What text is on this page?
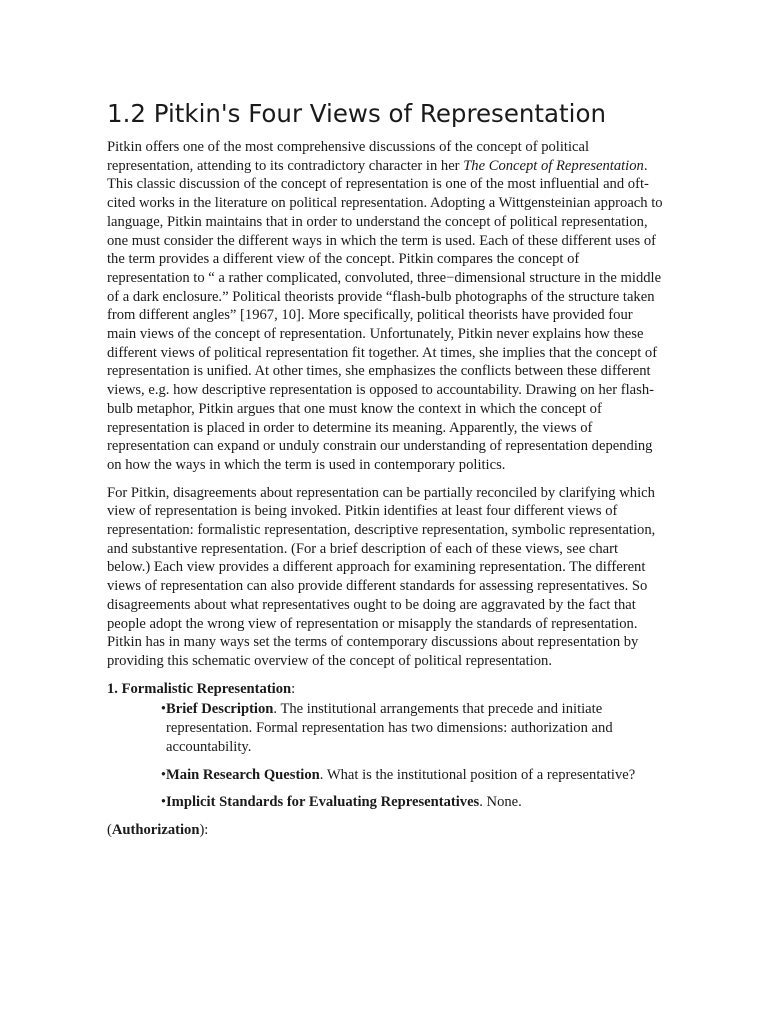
1.2 Pitkin's Four Views of Representation

Pitkin offers one of the most comprehensive discussions of the concept of political representation, attending to its contradictory character in her The Concept of Representation. This classic discussion of the concept of representation is one of the most influential and oft-cited works in the literature on political representation. Adopting a Wittgensteinian approach to language, Pitkin maintains that in order to understand the concept of political representation, one must consider the different ways in which the term is used. Each of these different uses of the term provides a different view of the concept. Pitkin compares the concept of representation to “ a rather complicated, convoluted, three−dimensional structure in the middle of a dark enclosure.” Political theorists provide “flash-bulb photographs of the structure taken from different angles” [1967, 10]. More specifically, political theorists have provided four main views of the concept of representation. Unfortunately, Pitkin never explains how these different views of political representation fit together. At times, she implies that the concept of representation is unified. At other times, she emphasizes the conflicts between these different views, e.g. how descriptive representation is opposed to accountability. Drawing on her flash-bulb metaphor, Pitkin argues that one must know the context in which the concept of representation is placed in order to determine its meaning. Apparently, the views of representation can expand or unduly constrain our understanding of representation depending on how the ways in which the term is used in contemporary politics.

For Pitkin, disagreements about representation can be partially reconciled by clarifying which view of representation is being invoked. Pitkin identifies at least four different views of representation: formalistic representation, descriptive representation, symbolic representation, and substantive representation. (For a brief description of each of these views, see chart below.) Each view provides a different approach for examining representation. The different views of representation can also provide different standards for assessing representatives. So disagreements about what representatives ought to be doing are aggravated by the fact that people adopt the wrong view of representation or misapply the standards of representation. Pitkin has in many ways set the terms of contemporary discussions about representation by providing this schematic overview of the concept of political representation.

1. Formalistic Representation:
• Brief Description. The institutional arrangements that precede and initiate representation. Formal representation has two dimensions: authorization and accountability.
• Main Research Question. What is the institutional position of a representative?
• Implicit Standards for Evaluating Representatives. None.
(Authorization):
